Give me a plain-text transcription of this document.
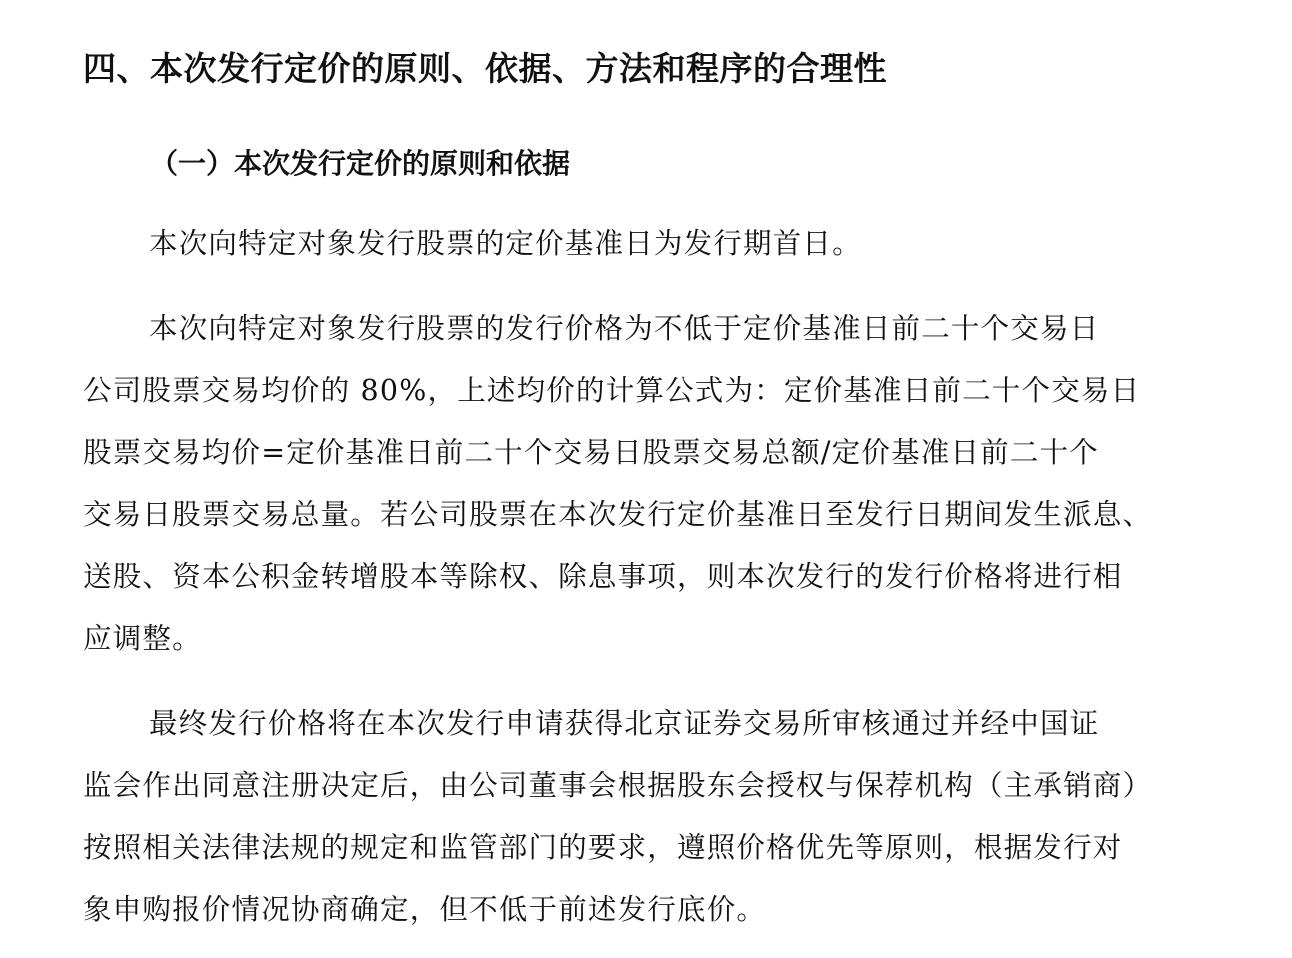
四、本次发行定价的原则、依据、方法和程序的合理性
（一）本次发行定价的原则和依据
本次向特定对象发行股票的定价基准日为发行期首日。
本次向特定对象发行股票的发行价格为不低于定价基准日前二十个交易日
公司股票交易均价的 80%，上述均价的计算公式为：定价基准日前二十个交易日
股票交易均价=定价基准日前二十个交易日股票交易总额/定价基准日前二十个
交易日股票交易总量。若公司股票在本次发行定价基准日至发行日期间发生派息、
送股、资本公积金转增股本等除权、除息事项，则本次发行的发行价格将进行相
应调整。
最终发行价格将在本次发行申请获得北京证券交易所审核通过并经中国证
监会作出同意注册决定后，由公司董事会根据股东会授权与保荐机构（主承销商）
按照相关法律法规的规定和监管部门的要求，遵照价格优先等原则，根据发行对
象申购报价情况协商确定，但不低于前述发行底价。
